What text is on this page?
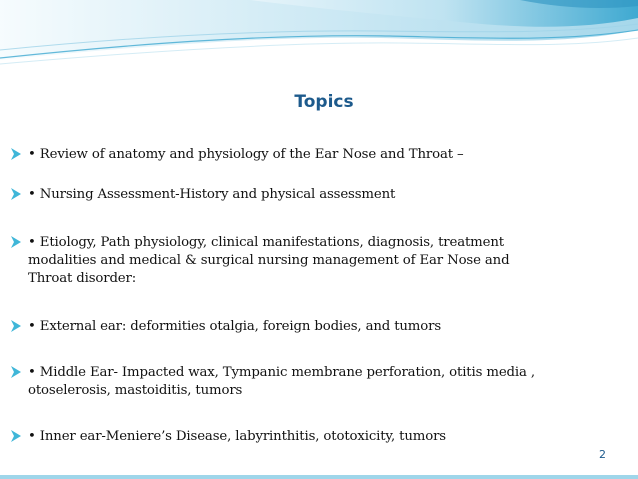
Topics
• Review of anatomy and physiology of the Ear Nose and Throat –
• Nursing Assessment-History and physical assessment
• Etiology, Path physiology, clinical manifestations, diagnosis, treatment
modalities and medical & surgical nursing management of Ear Nose and
Throat disorder:
• External ear: deformities otalgia, foreign bodies, and tumors
• Middle Ear- Impacted wax, Tympanic membrane perforation, otitis media ,
otoselerosis, mastoiditis, tumors
• Inner ear-Meniere’s Disease, labyrinthitis, ototoxicity, tumors
2
